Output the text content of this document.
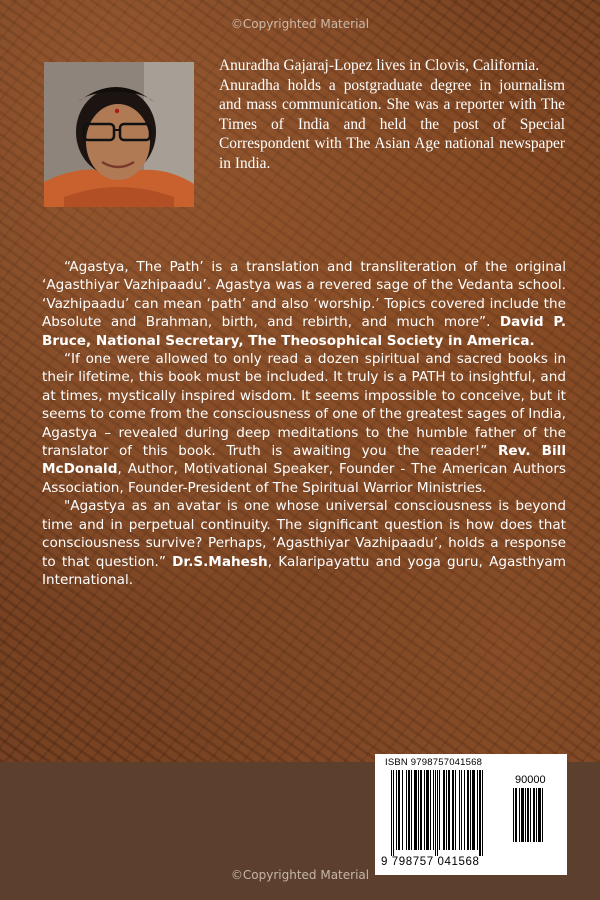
©Copyrighted Material

Anuradha Gajaraj-Lopez lives in Clovis, California.

Anuradha holds a postgraduate degree in journalism and mass communication. She was a reporter with The Times of India and held the post of Special Correspondent with The Asian Age national newspaper in India.

“Agastya, The Path’ is a translation and transliteration of the original ‘Agasthiyar Vazhipaadu’. Agastya was a revered sage of the Vedanta school. ‘Vazhipaadu’ can mean ‘path’ and also ‘worship.’ Topics covered include the Absolute and Brahman, birth, and rebirth, and much more”. David P. Bruce, National Secretary, The Theosophical Society in America.

“If one were allowed to only read a dozen spiritual and sacred books in their lifetime, this book must be included. It truly is a PATH to insightful, and at times, mystically inspired wisdom. It seems impossible to conceive, but it seems to come from the consciousness of one of the greatest sages of India, Agastya – revealed during deep meditations to the humble father of the translator of this book. Truth is awaiting you the reader!” Rev. Bill McDonald, Author, Motivational Speaker, Founder - The American Authors Association, Founder-President of The Spiritual Warrior Ministries.

"Agastya as an avatar is one whose universal consciousness is beyond time and in perpetual continuity. The significant question is how does that consciousness survive? Perhaps, ‘Agasthiyar Vazhipaadu’, holds a response to that question.” Dr.S.Mahesh, Kalaripayattu and yoga guru, Agasthyam International.

ISBN 9798757041568
90000
9 798757 041568
©Copyrighted Material
